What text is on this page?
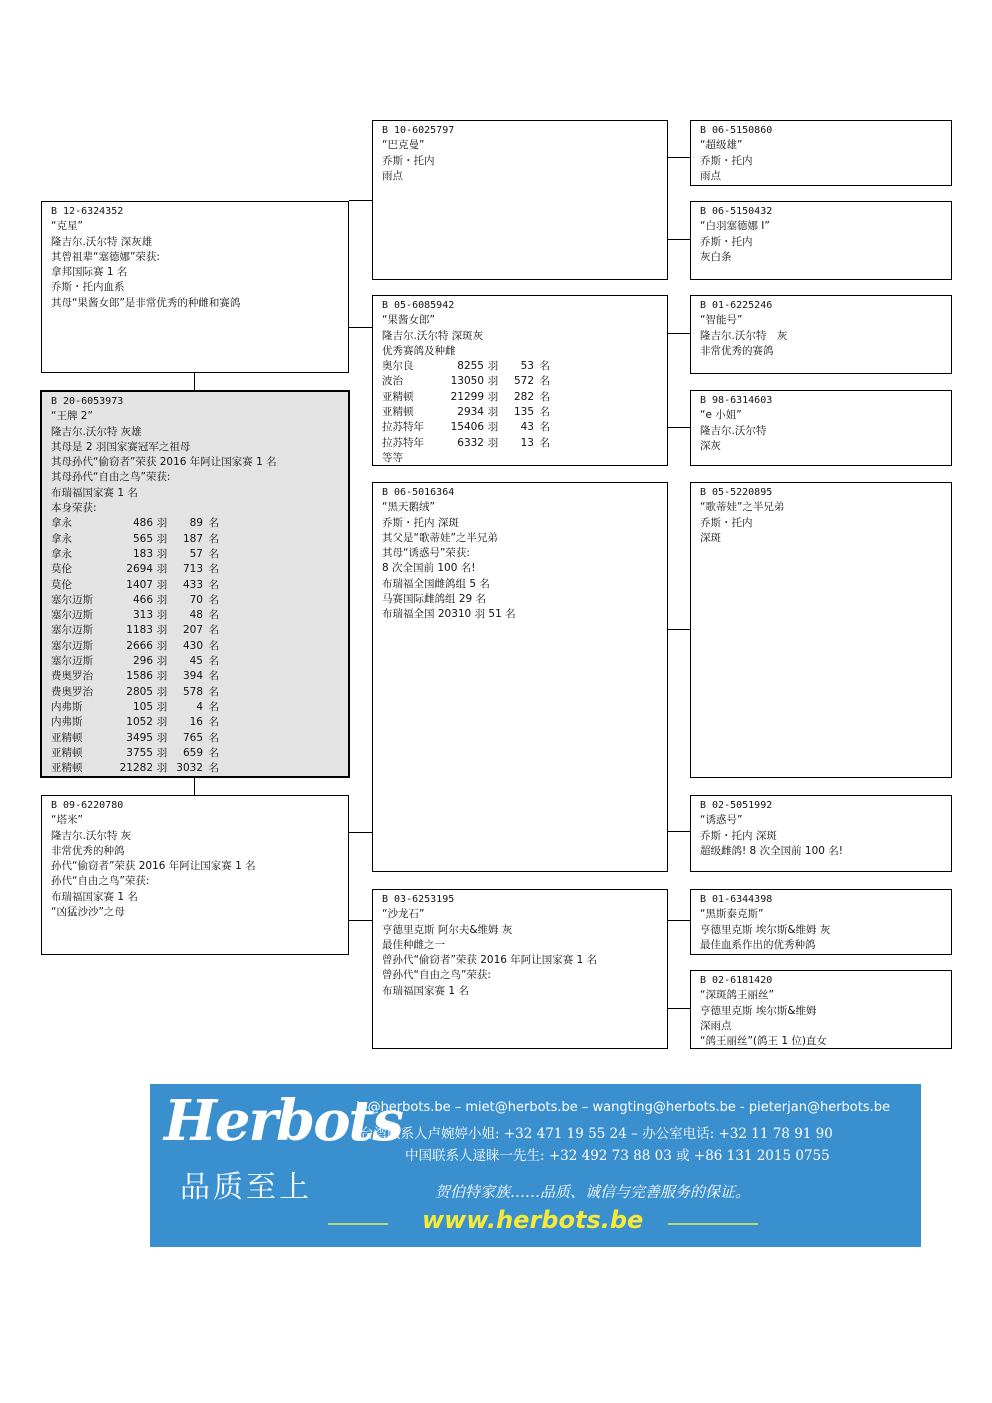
B 10-6025797
“巴克曼”
乔斯・托内
雨点
B 06-5150860
“超级雄”
乔斯・托内
雨点
B 06-5150432
“白羽塞德娜 I”
乔斯・托内
灰白条
B 12-6324352
“克星”
隆吉尔.沃尔特 深灰雄
其曾祖辈“塞德娜”荣获:
拿邦国际赛 1 名
乔斯・托内血系
其母“果酱女郎”是非常优秀的种雌和赛鸽	B 05-6085942
“果酱女郎”
隆吉尔.沃尔特 深斑灰
优秀赛鸽及种雌
奥尔良	8255 羽	53 名
波治	13050 羽	572 名
亚精顿	21299 羽	282 名
亚精顿	2934 羽	135 名
拉苏特年	15406 羽	43 名
拉苏特年	6332 羽	13 名
等等
B 01-6225246
“智能号”
隆吉尔.沃尔特　灰
非常优秀的赛鸽
B 98-6314603
“e 小姐”
隆吉尔.沃尔特
深灰
B 20-6053973
“王牌 2”
隆吉尔.沃尔特 灰雄
其母是 2 羽国家赛冠军之祖母
其母孙代“偷窃者”荣获 2016 年阿让国家赛 1 名
其母孙代“自由之鸟”荣获:
布瑞福国家赛 1 名
本身荣获:
拿永	486 羽	89 名
拿永	565 羽	187 名
拿永	183 羽	57 名
莫伦	2694 羽	713 名
莫伦	1407 羽	433 名
塞尔迈斯	466 羽	70 名
塞尔迈斯	313 羽	48 名
塞尔迈斯	1183 羽	207 名
塞尔迈斯	2666 羽	430 名
塞尔迈斯	296 羽	45 名
费奥罗治	1586 羽	394 名
费奥罗治	2805 羽	578 名
内弗斯	105 羽	4 名
内弗斯	1052 羽	16 名
亚精顿	3495 羽	765 名
亚精顿	3755 羽	659 名
亚精顿	21282 羽 3032 名
B 06-5016364
“黑天鹅绒”
乔斯・托内 深斑
其父是“歌蒂娃”之半兄弟
其母“诱惑号”荣获:
8 次全国前 100 名!
布瑞福全国雌鸽组 5 名
马赛国际雌鸽组 29 名
布瑞福全国 20310 羽 51 名
B 05-5220895
“歌蒂娃”之半兄弟
乔斯・托内
深斑
B 02-5051992
“诱惑号”
乔斯・托内 深斑
超级雌鸽! 8 次全国前 100 名!
B 09-6220780
“塔米”
隆吉尔.沃尔特 灰
非常优秀的种鸽
孙代“偷窃者”荣获 2016 年阿让国家赛 1 名
孙代“自由之鸟”荣获:
布瑞福国家赛 1 名
“凶猛沙沙”之母
B 03-6253195
“沙龙石”
亨德里克斯 阿尔夫&维姆 灰
最佳种雌之一
曾孙代“偷窃者”荣获 2016 年阿让国家赛 1 名
曾孙代“自由之鸟”荣获:
布瑞福国家赛 1 名
B 01-6344398
“黑斯泰克斯”
亨德里克斯 埃尔斯&维姆 灰
最佳血系作出的优秀种鸽
B 02-6181420
“深斑鸽王丽丝”
亨德里克斯 埃尔斯&维姆
深雨点
“鸽王丽丝”(鸽王 1 位)直女
Herbots
品质至上
jo@herbots.be – miet@herbots.be – wangting@herbots.be - pieterjan@herbots.be
台湾联系人卢婉婷小姐: +32 471 19 55 24 – 办公室电话: +32 11 78 91 90
中国联系人逯睐一先生: +32 492 73 88 03 或 +86 131 2015 0755
贺伯特家族……品质、诚信与完善服务的保证。
www.herbots.be
